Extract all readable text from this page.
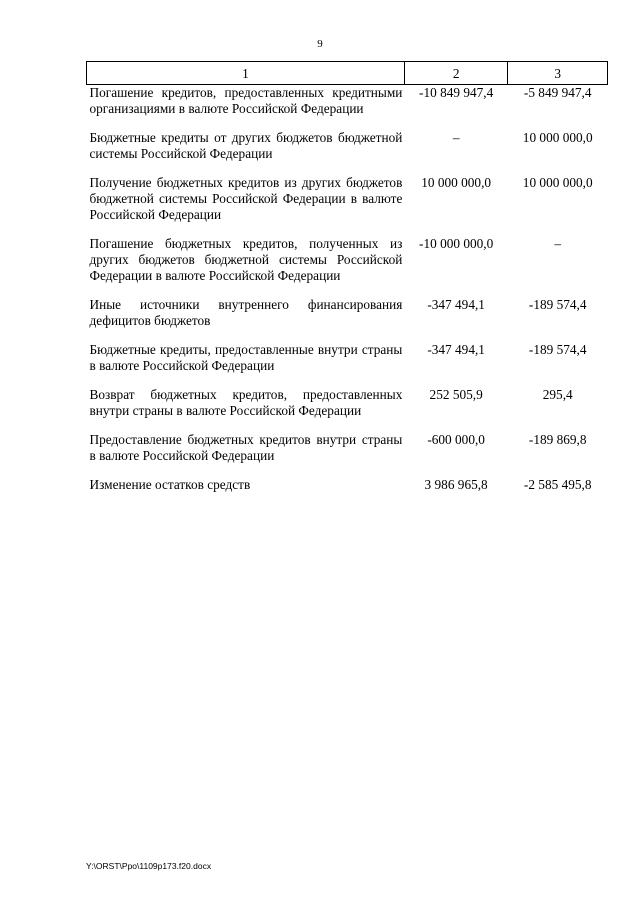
9
1	2	3
Погашение кредитов, предоставленных кредитными организациями в валюте Российской Федерации	-10 849 947,4	-5 849 947,4
Бюджетные кредиты от других бюджетов бюджетной системы Российской Федерации	–	10 000 000,0
Получение бюджетных кредитов из других бюджетов бюджетной системы Российской Федерации в валюте Российской Федерации	10 000 000,0	10 000 000,0
Погашение бюджетных кредитов, полученных из других бюджетов бюджетной системы Российской Федерации в валюте Российской Федерации	-10 000 000,0	–
Иные источники внутреннего финансирования дефицитов бюджетов	-347 494,1	-189 574,4
Бюджетные кредиты, предоставленные внутри страны в валюте Российской Федерации	-347 494,1	-189 574,4
Возврат бюджетных кредитов, предоставленных внутри страны в валюте Российской Федерации	252 505,9	295,4
Предоставление бюджетных кредитов внутри страны в валюте Российской Федерации	-600 000,0	-189 869,8
Изменение остатков средств	3 986 965,8	-2 585 495,8
Y:\ORST\Ppo\1109p173.f20.docx
